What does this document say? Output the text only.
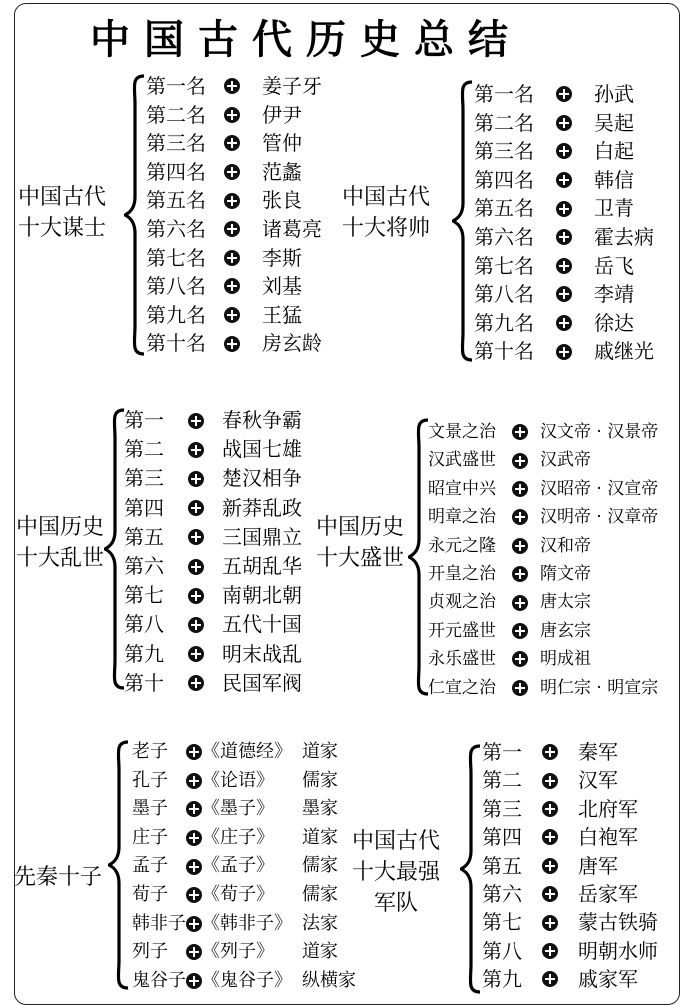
中国古代历史总结
中国古代
十大谋士
第一名	姜子牙
第二名	伊尹
第三名	管仲
第四名	范蠡
第五名	张良
第六名	诸葛亮
第七名	李斯
第八名	刘基
第九名	王猛
第十名	房玄龄
中国古代
十大将帅
第一名	孙武
第二名	吴起
第三名	白起
第四名	韩信
第五名	卫青
第六名	霍去病
第七名	岳飞
第八名	李靖
第九名	徐达
第十名	戚继光
中国历史
十大乱世
第一	春秋争霸
第二	战国七雄
第三	楚汉相争
第四	新莽乱政
第五	三国鼎立
第六	五胡乱华
第七	南朝北朝
第八	五代十国
第九	明末战乱
第十	民国军阀
中国历史
十大盛世
文景之治	汉文帝 · 汉景帝
汉武盛世	汉武帝
昭宣中兴	汉昭帝 · 汉宣帝
明章之治	汉明帝 · 汉章帝
永元之隆	汉和帝
开皇之治	隋文帝
贞观之治	唐太宗
开元盛世	唐玄宗
永乐盛世	明成祖
仁宣之治	明仁宗 · 明宣宗
先秦十子
老子 《道德经》 道家
孔子 《论语》 儒家
墨子 《墨子》 墨家
庄子 《庄子》 道家
孟子 《孟子》 儒家
荀子 《荀子》 儒家
韩非子 《韩非子》 法家
列子 《列子》 道家
鬼谷子 《鬼谷子》 纵横家
中国古代
十大最强
军队
第一	秦军
第二	汉军
第三	北府军
第四	白袍军
第五	唐军
第六	岳家军
第七	蒙古铁骑
第八	明朝水师
第九	戚家军
